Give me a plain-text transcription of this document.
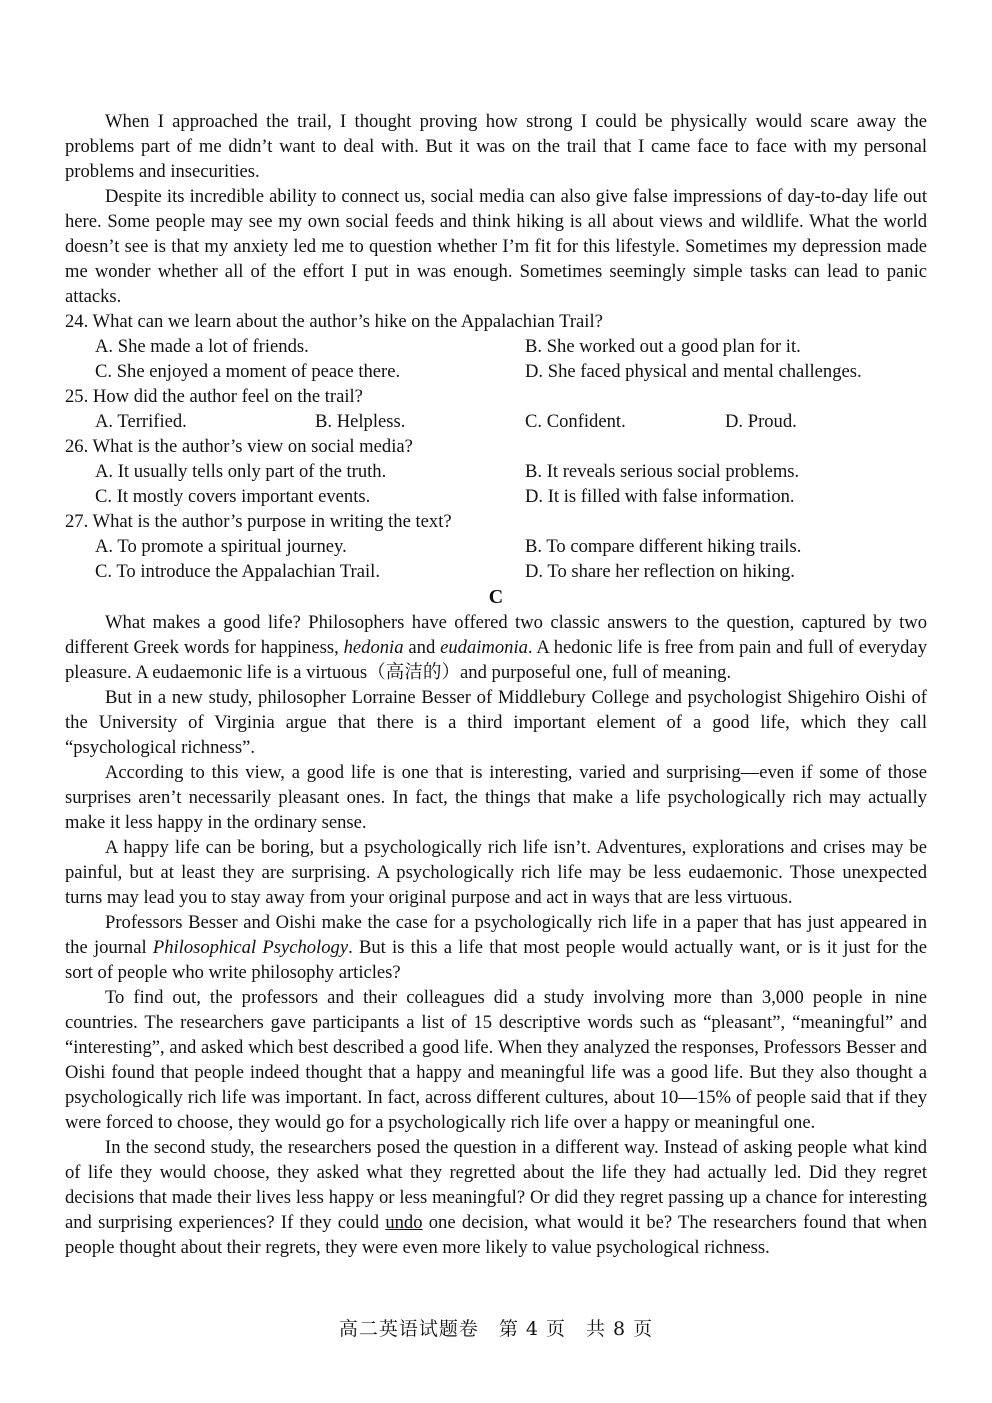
When I approached the trail, I thought proving how strong I could be physically would scare away the problems part of me didn’t want to deal with. But it was on the trail that I came face to face with my personal problems and insecurities.

Despite its incredible ability to connect us, social media can also give false impressions of day-to-day life out here. Some people may see my own social feeds and think hiking is all about views and wildlife. What the world doesn’t see is that my anxiety led me to question whether I’m fit for this lifestyle. Sometimes my depression made me wonder whether all of the effort I put in was enough. Sometimes seemingly simple tasks can lead to panic attacks.

24. What can we learn about the author’s hike on the Appalachian Trail?

A. She made a lot of friends.	B. She worked out a good plan for it.
C. She enjoyed a moment of peace there.	D. She faced physical and mental challenges.

25. How did the author feel on the trail?

A. Terrified.	B. Helpless.	C. Confident.	D. Proud.

26. What is the author’s view on social media?

A. It usually tells only part of the truth.	B. It reveals serious social problems.
C. It mostly covers important events.	D. It is filled with false information.

27. What is the author’s purpose in writing the text?

A. To promote a spiritual journey.	B. To compare different hiking trails.
C. To introduce the Appalachian Trail.	D. To share her reflection on hiking.

C

What makes a good life? Philosophers have offered two classic answers to the question, captured by two different Greek words for happiness, hedonia and eudaimonia. A hedonic life is free from pain and full of everyday pleasure. A eudaemonic life is a virtuous（高洁的）and purposeful one, full of meaning.

But in a new study, philosopher Lorraine Besser of Middlebury College and psychologist Shigehiro Oishi of the University of Virginia argue that there is a third important element of a good life, which they call “psychological richness”.

According to this view, a good life is one that is interesting, varied and surprising—even if some of those surprises aren’t necessarily pleasant ones. In fact, the things that make a life psychologically rich may actually make it less happy in the ordinary sense.

A happy life can be boring, but a psychologically rich life isn’t. Adventures, explorations and crises may be painful, but at least they are surprising. A psychologically rich life may be less eudaemonic. Those unexpected turns may lead you to stay away from your original purpose and act in ways that are less virtuous.

Professors Besser and Oishi make the case for a psychologically rich life in a paper that has just appeared in the journal Philosophical Psychology. But is this a life that most people would actually want, or is it just for the sort of people who write philosophy articles?

To find out, the professors and their colleagues did a study involving more than 3,000 people in nine countries. The researchers gave participants a list of 15 descriptive words such as “pleasant”, “meaningful” and “interesting”, and asked which best described a good life. When they analyzed the responses, Professors Besser and Oishi found that people indeed thought that a happy and meaningful life was a good life. But they also thought a psychologically rich life was important. In fact, across different cultures, about 10—15% of people said that if they were forced to choose, they would go for a psychologically rich life over a happy or meaningful one.

In the second study, the researchers posed the question in a different way. Instead of asking people what kind of life they would choose, they asked what they regretted about the life they had actually led. Did they regret decisions that made their lives less happy or less meaningful? Or did they regret passing up a chance for interesting and surprising experiences? If they could undo one decision, what would it be? The researchers found that when people thought about their regrets, they were even more likely to value psychological richness.

高二英语试题卷　第 4 页　共 8 页
